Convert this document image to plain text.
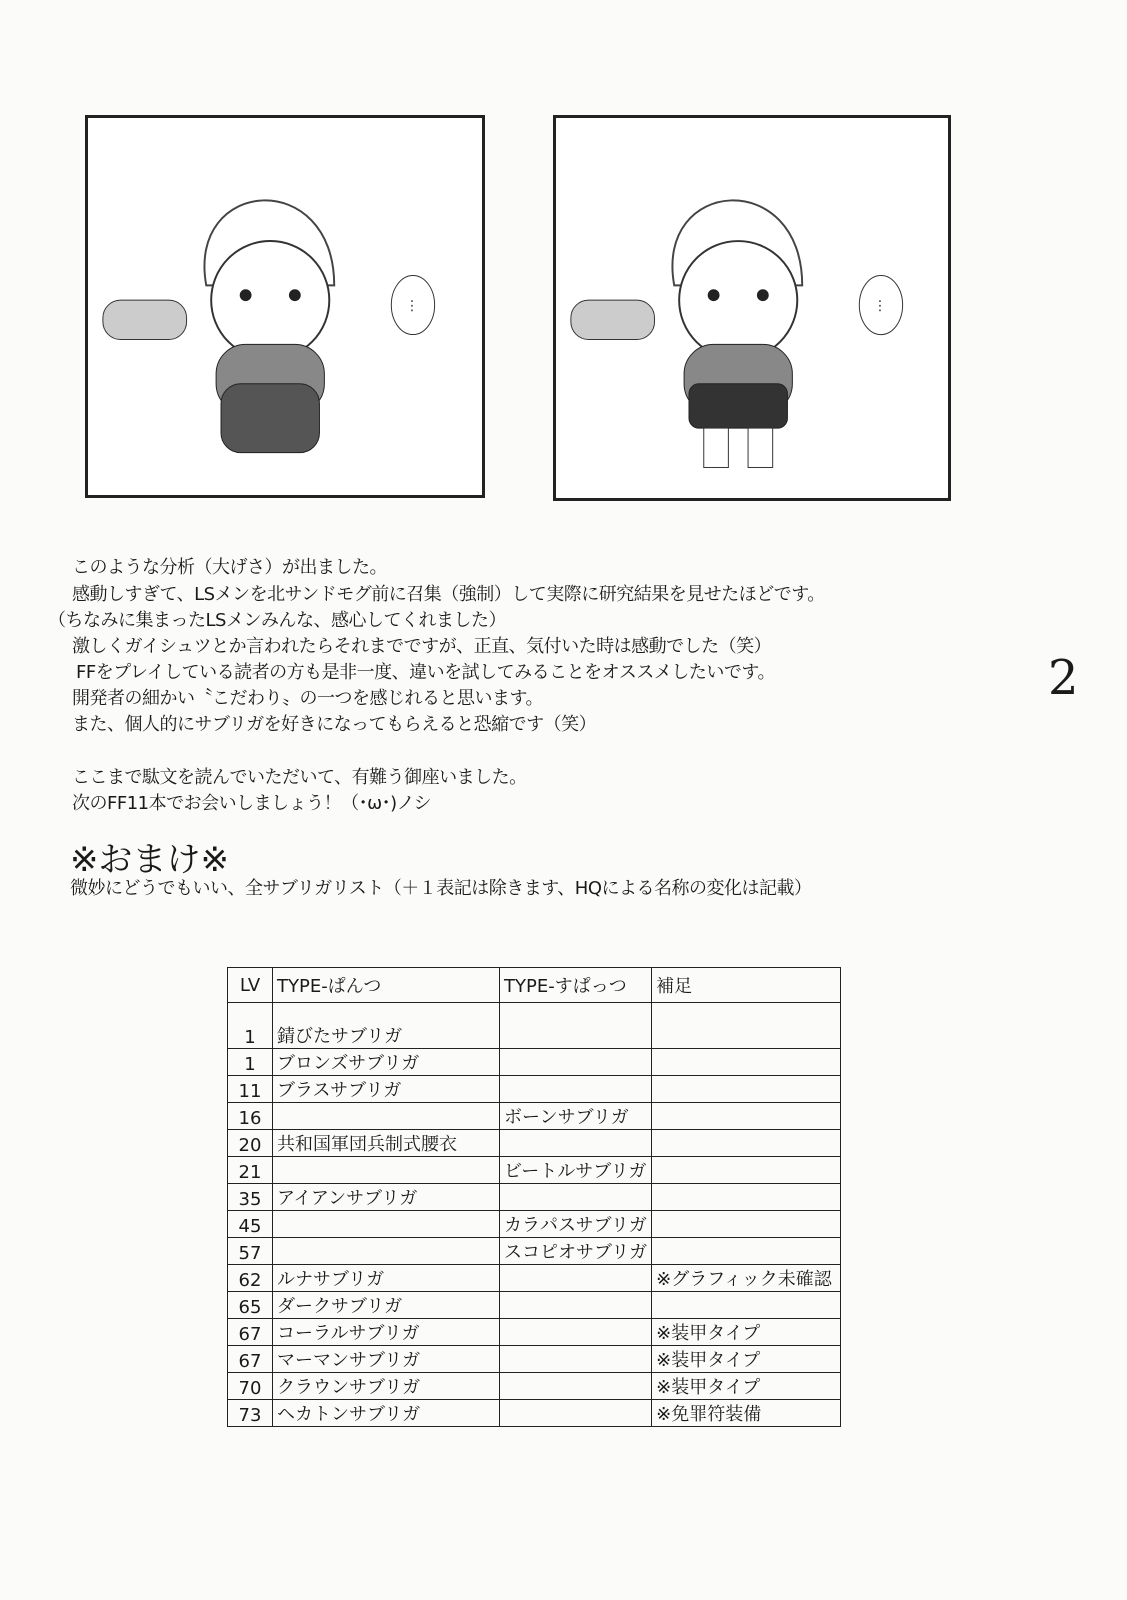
⋮	⋮
このような分析（大げさ）が出ました。
感動しすぎて、LSメンを北サンドモグ前に召集（強制）して実際に研究結果を見せたほどです。
（ちなみに集まったLSメンみんな、感心してくれました）
激しくガイシュツとか言われたらそれまでですが、正直、気付いた時は感動でした（笑）
FFをプレイしている読者の方も是非一度、違いを試してみることをオススメしたいです。
開発者の細かい〝こだわり〟の一つを感じれると思います。
また、個人的にサブリガを好きになってもらえると恐縮です（笑）
ここまで駄文を読んでいただいて、有難う御座いました。
次のFF11本でお会いしましょう！（･ω･)ノシ
2
※おまけ※
微妙にどうでもいい、全サブリガリスト（＋１表記は除きます、HQによる名称の変化は記載）
LV	TYPE-ぱんつ	TYPE-すぱっつ	補足
1	錆びたサブリガ		
1	ブロンズサブリガ		
11	ブラスサブリガ		
16		ボーンサブリガ	
20	共和国軍団兵制式腰衣		
21		ビートルサブリガ	
35	アイアンサブリガ		
45		カラパスサブリガ	
57		スコピオサブリガ	
62	ルナサブリガ		※グラフィック未確認
65	ダークサブリガ		
67	コーラルサブリガ		※装甲タイプ
67	マーマンサブリガ		※装甲タイプ
70	クラウンサブリガ		※装甲タイプ
73	ヘカトンサブリガ		※免罪符装備
